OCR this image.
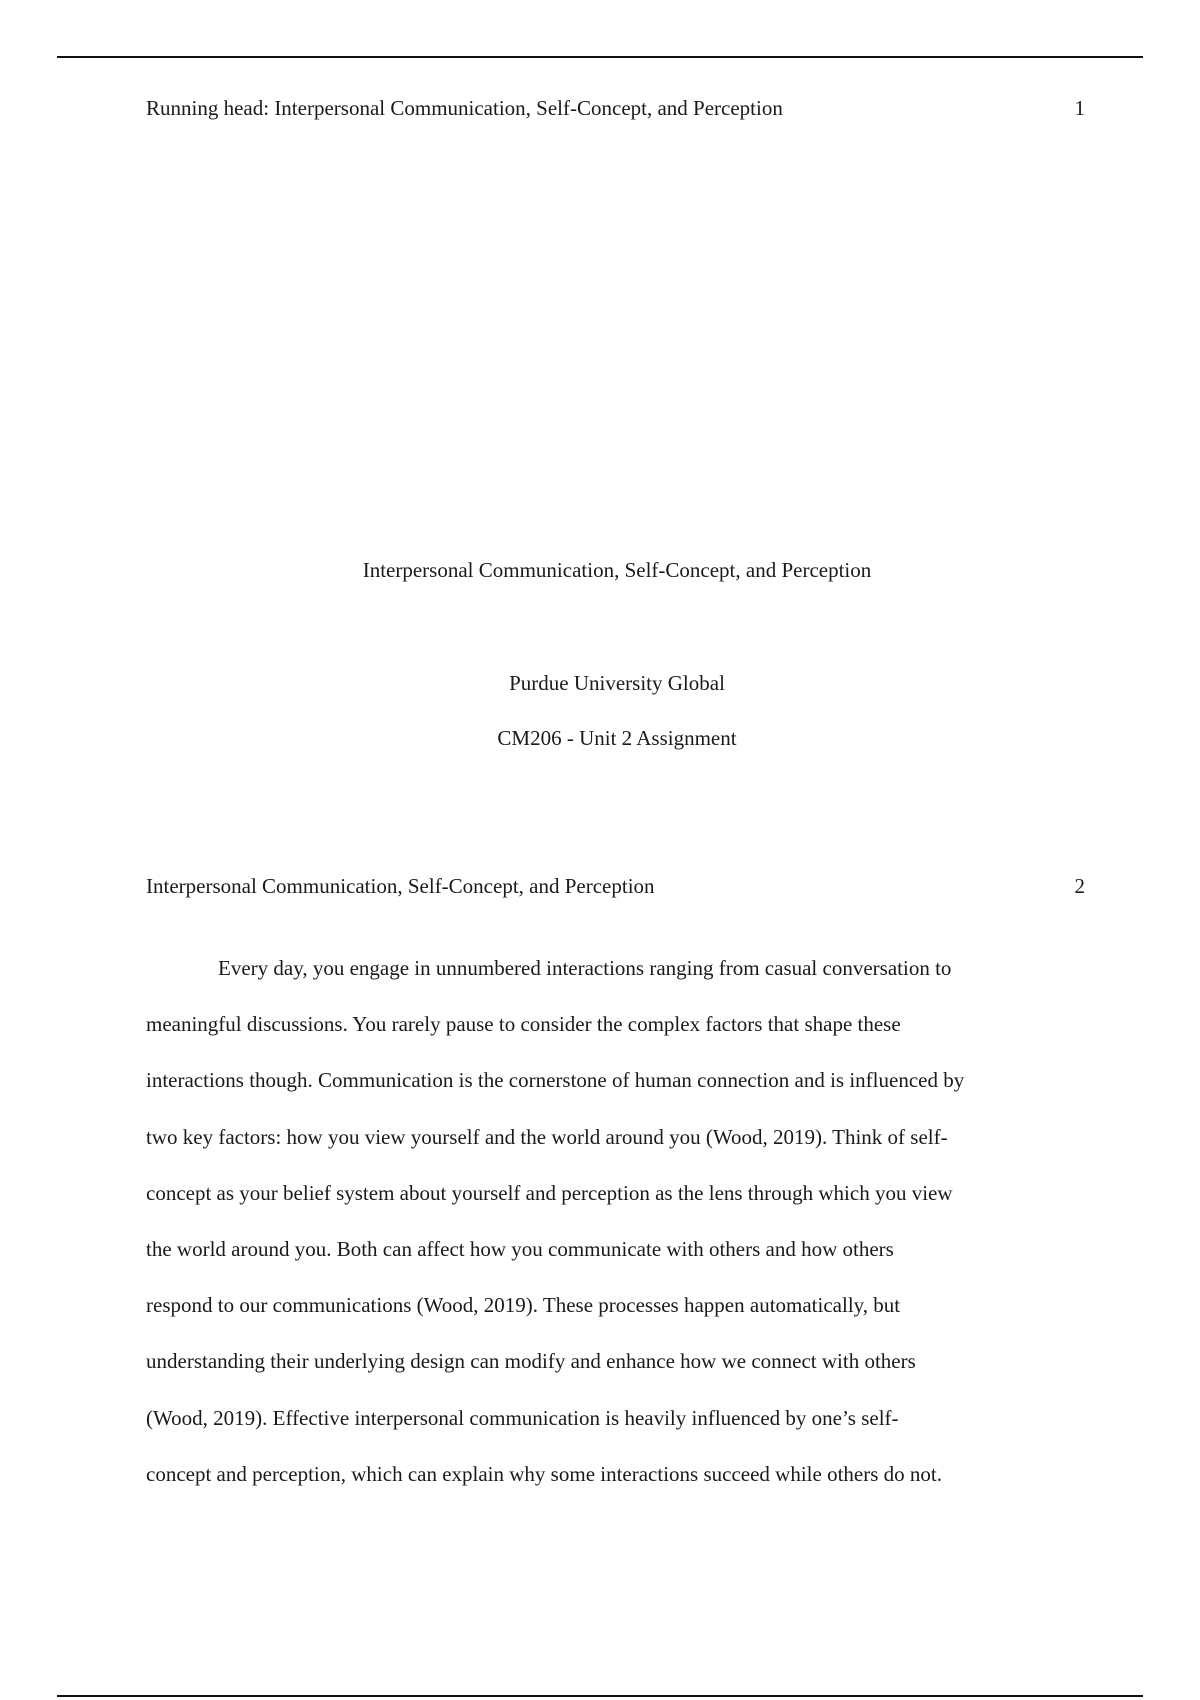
Running head: Interpersonal Communication, Self-Concept, and Perception	1
Interpersonal Communication, Self-Concept, and Perception
Purdue University Global
CM206 - Unit 2 Assignment
Interpersonal Communication, Self-Concept, and Perception	2

Every day, you engage in unnumbered interactions ranging from casual conversation to
meaningful discussions. You rarely pause to consider the complex factors that shape these
interactions though. Communication is the cornerstone of human connection and is influenced by
two key factors: how you view yourself and the world around you (Wood, 2019). Think of self-
concept as your belief system about yourself and perception as the lens through which you view
the world around you. Both can affect how you communicate with others and how others
respond to our communications (Wood, 2019). These processes happen automatically, but
understanding their underlying design can modify and enhance how we connect with others
(Wood, 2019). Effective interpersonal communication is heavily influenced by one’s self-
concept and perception, which can explain why some interactions succeed while others do not.
